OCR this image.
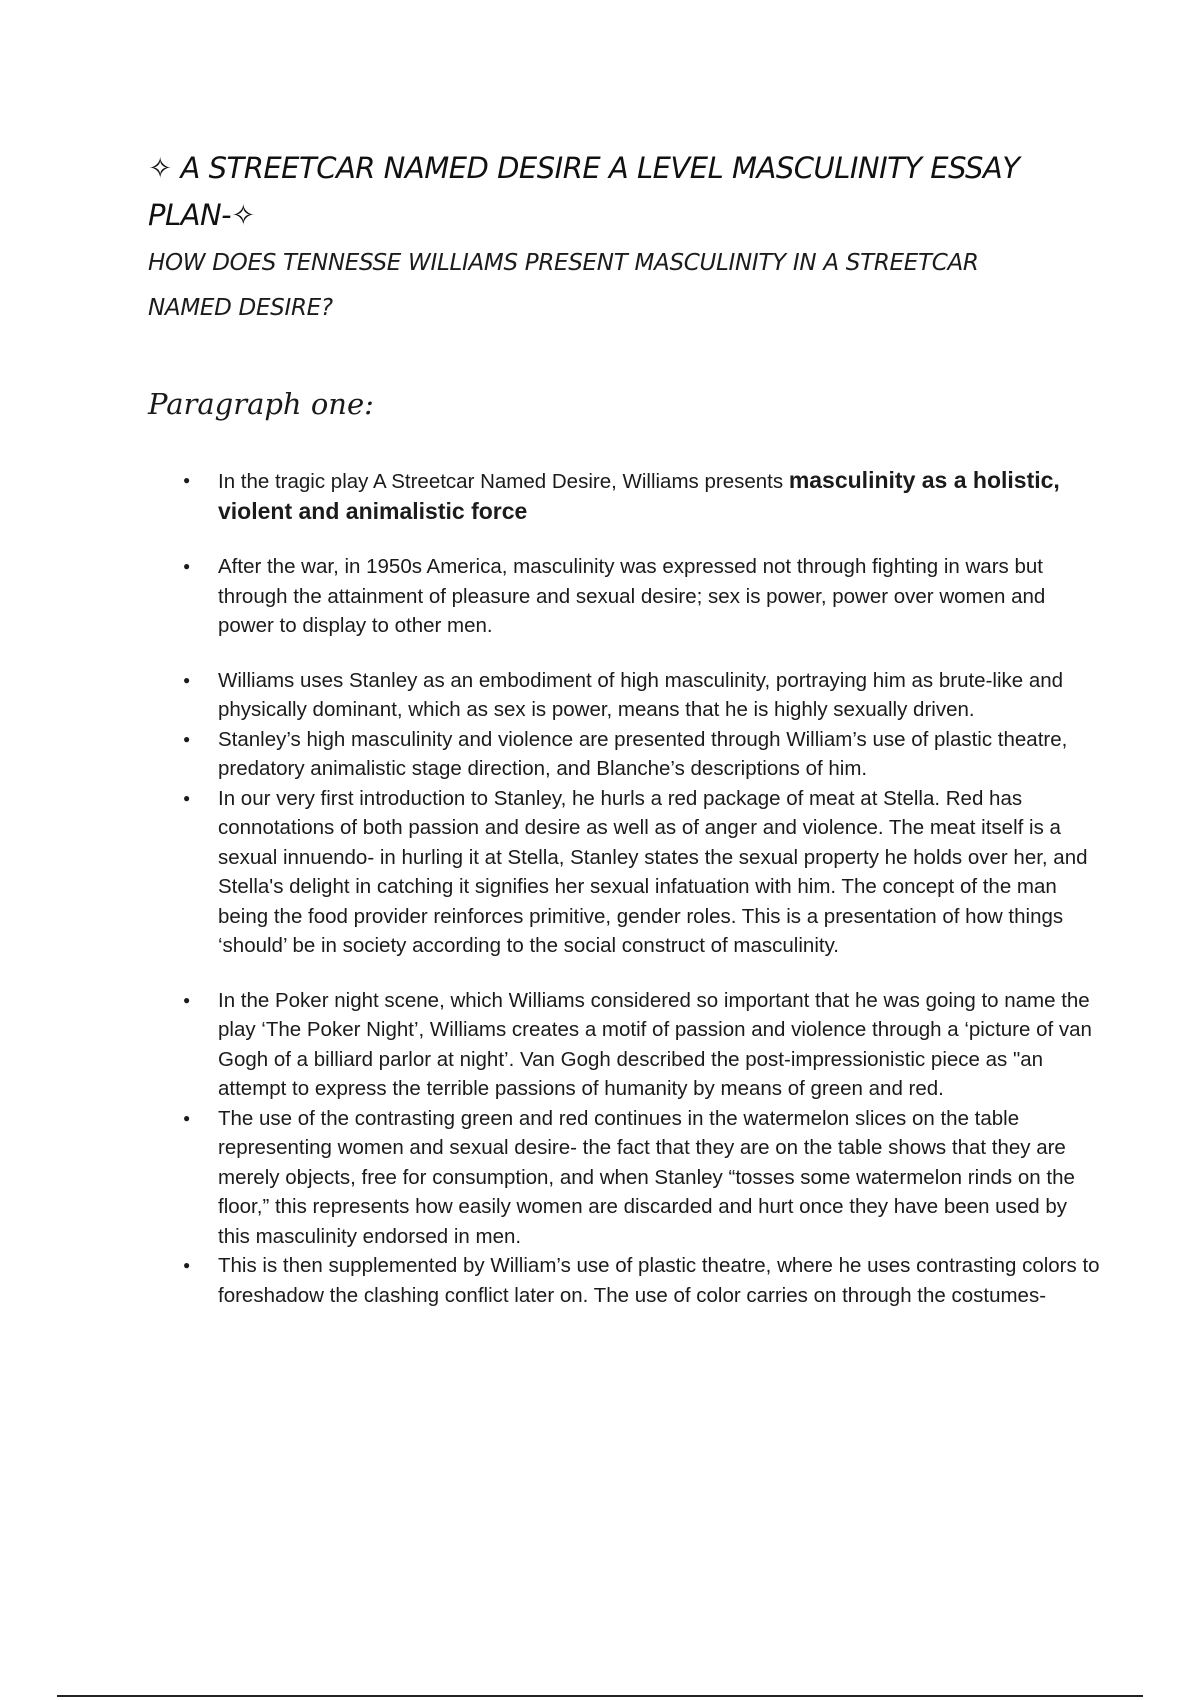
✧ A STREETCAR NAMED DESIRE A LEVEL MASCULINITY ESSAY PLAN-✧
HOW DOES TENNESSE WILLIAMS PRESENT MASCULINITY IN A STREETCAR NAMED DESIRE?
Paragraph one:
● In the tragic play A Streetcar Named Desire, Williams presents masculinity as a holistic, violent and animalistic force
● After the war, in 1950s America, masculinity was expressed not through fighting in wars but through the attainment of pleasure and sexual desire; sex is power, power over women and power to display to other men.
● Williams uses Stanley as an embodiment of high masculinity, portraying him as brute-like and physically dominant, which as sex is power, means that he is highly sexually driven.
● Stanley’s high masculinity and violence are presented through William’s use of plastic theatre, predatory animalistic stage direction, and Blanche’s descriptions of him.
● In our very first introduction to Stanley, he hurls a red package of meat at Stella. Red has connotations of both passion and desire as well as of anger and violence. The meat itself is a sexual innuendo- in hurling it at Stella, Stanley states the sexual property he holds over her, and Stella's delight in catching it signifies her sexual infatuation with him. The concept of the man being the food provider reinforces primitive, gender roles. This is a presentation of how things ‘should’ be in society according to the social construct of masculinity.
● In the Poker night scene, which Williams considered so important that he was going to name the play ‘The Poker Night’, Williams creates a motif of passion and violence through a ‘picture of van Gogh of a billiard parlor at night’. Van Gogh described the post-impressionistic piece as "an attempt to express the terrible passions of humanity by means of green and red.
● The use of the contrasting green and red continues in the watermelon slices on the table representing women and sexual desire- the fact that they are on the table shows that they are merely objects, free for consumption, and when Stanley “tosses some watermelon rinds on the floor,” this represents how easily women are discarded and hurt once they have been used by this masculinity endorsed in men.
● This is then supplemented by William’s use of plastic theatre, where he uses contrasting colors to foreshadow the clashing conflict later on. The use of color carries on through the costumes-
